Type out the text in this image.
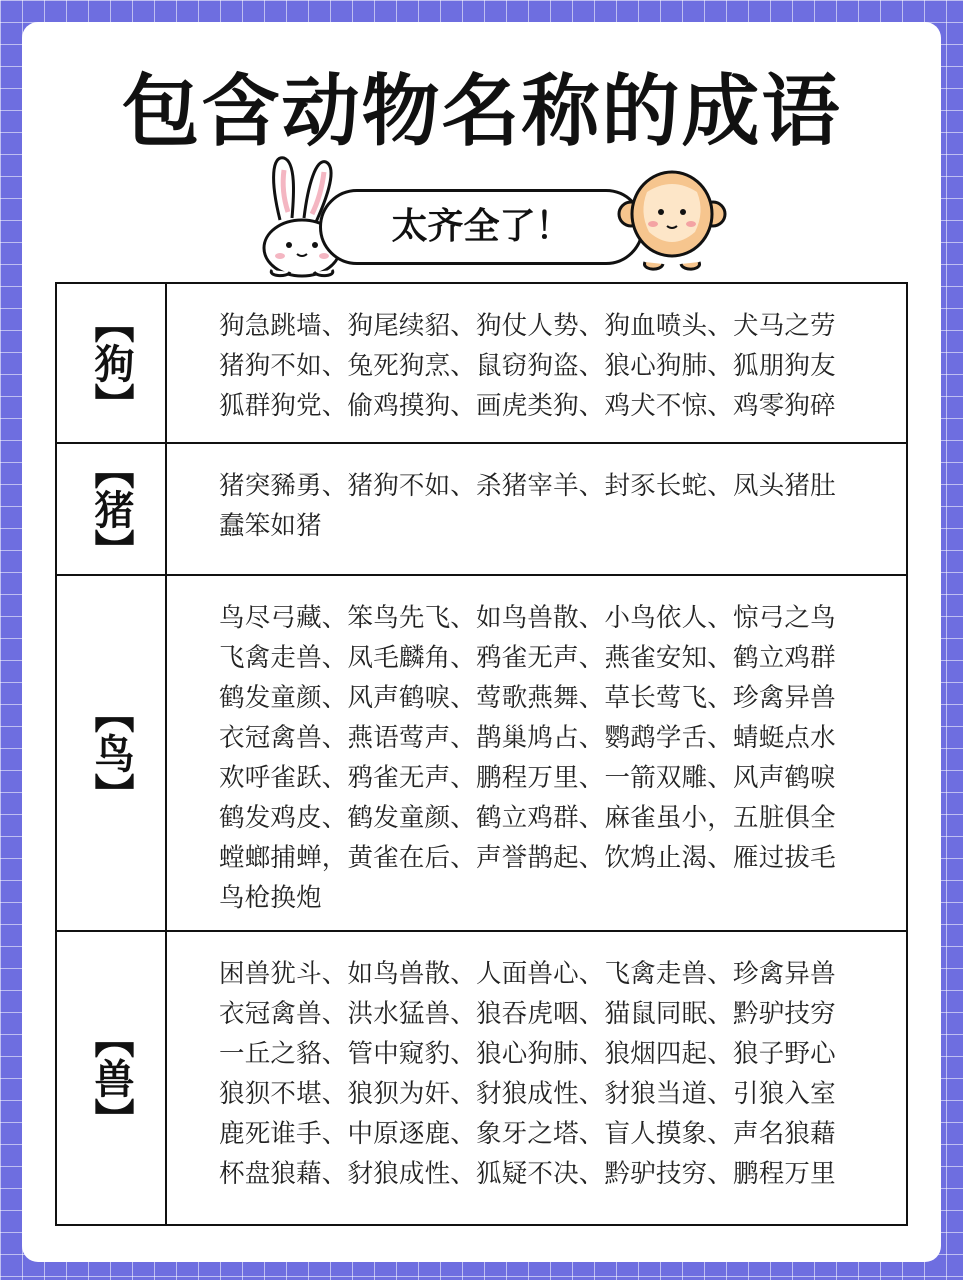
包含动物名称的成语
太齐全了！
【狗】	狗急跳墙、狗尾续貂、狗仗人势、狗血喷头、犬马之劳
猪狗不如、兔死狗烹、鼠窃狗盗、狼心狗肺、狐朋狗友
狐群狗党、偷鸡摸狗、画虎类狗、鸡犬不惊、鸡零狗碎
【猪】	猪突豨勇、猪狗不如、杀猪宰羊、封豕长蛇、凤头猪肚
蠢笨如猪
【鸟】
鸟尽弓藏、笨鸟先飞、如鸟兽散、小鸟依人、惊弓之鸟
飞禽走兽、凤毛麟角、鸦雀无声、燕雀安知、鹤立鸡群
鹤发童颜、风声鹤唳、莺歌燕舞、草长莺飞、珍禽异兽
衣冠禽兽、燕语莺声、鹊巢鸠占、鹦鹉学舌、蜻蜓点水
欢呼雀跃、鸦雀无声、鹏程万里、一箭双雕、风声鹤唳
鹤发鸡皮、鹤发童颜、鹤立鸡群、麻雀虽小，五脏俱全
螳螂捕蝉，黄雀在后、声誉鹊起、饮鸩止渴、雁过拔毛
鸟枪换炮
【兽】
困兽犹斗、如鸟兽散、人面兽心、飞禽走兽、珍禽异兽
衣冠禽兽、洪水猛兽、狼吞虎咽、猫鼠同眠、黔驴技穷
一丘之貉、管中窥豹、狼心狗肺、狼烟四起、狼子野心
狼狈不堪、狼狈为奸、豺狼成性、豺狼当道、引狼入室
鹿死谁手、中原逐鹿、象牙之塔、盲人摸象、声名狼藉
杯盘狼藉、豺狼成性、狐疑不决、黔驴技穷、鹏程万里
